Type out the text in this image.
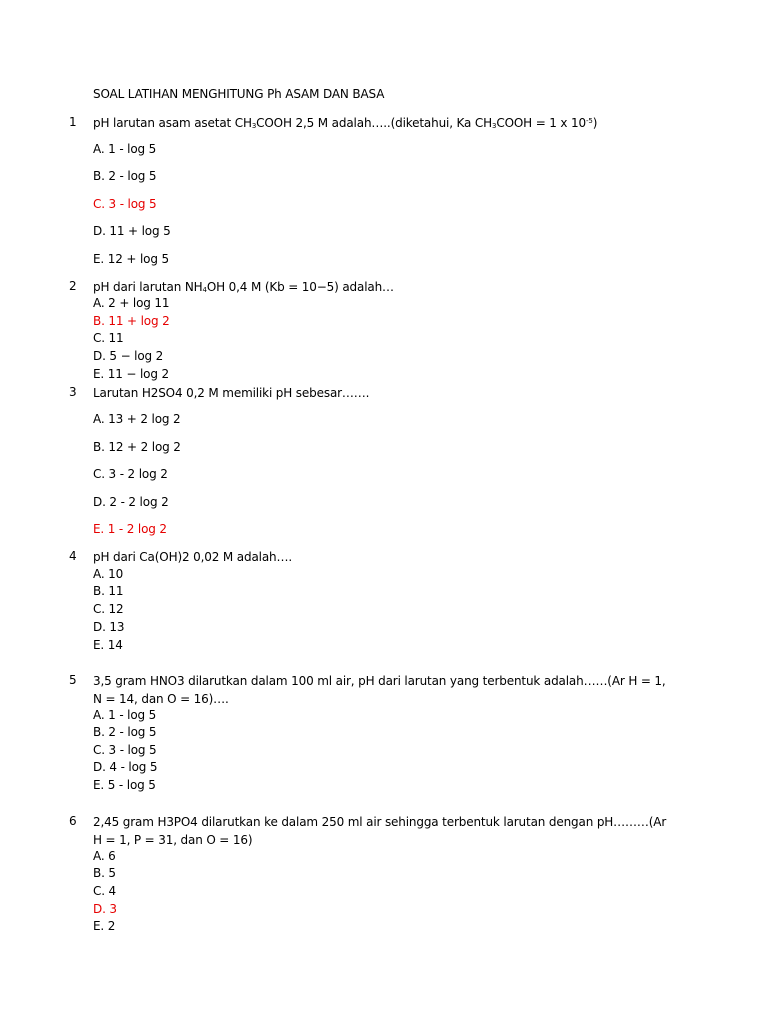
SOAL LATIHAN MENGHITUNG Ph ASAM DAN BASA
1 pH larutan asam asetat $CH_3COOH$ 2,5 M adalah…..(diketahui, Ka $CH_3COOH = 1$ x $10^{-5}$)
A. 1 - log 5
B. 2 - log 5
C. 3 - log 5
D. 11 + log 5
E. 12 + log 5
2 pH dari larutan $NH_4OH$ 0,4 M (Kb = 10−5) adalah…
A. 2 + log 11
B. 11 + log 2
C. 11
D. 5 − log 2
E. 11 − log 2
3 Larutan H2SO4 0,2 M memiliki pH sebesar…….
A. 13 + 2 log 2
B. 12 + 2 log 2
C. 3 - 2 log 2
D. 2 - 2 log 2
E. 1 - 2 log 2
4 pH dari Ca(OH)2 0,02 M adalah….
A. 10
B. 11
C. 12
D. 13
E. 14
5 3,5 gram HNO3 dilarutkan dalam 100 ml air, pH dari larutan yang terbentuk adalah……(Ar H = 1, N = 14, dan O = 16)….
A. 1 - log 5
B. 2 - log 5
C. 3 - log 5
D. 4 - log 5
E. 5 - log 5
6 2,45 gram H3PO4 dilarutkan ke dalam 250 ml air sehingga terbentuk larutan dengan pH………(Ar H = 1, P = 31, dan O = 16)
A. 6
B. 5
C. 4
D. 3
E. 2
